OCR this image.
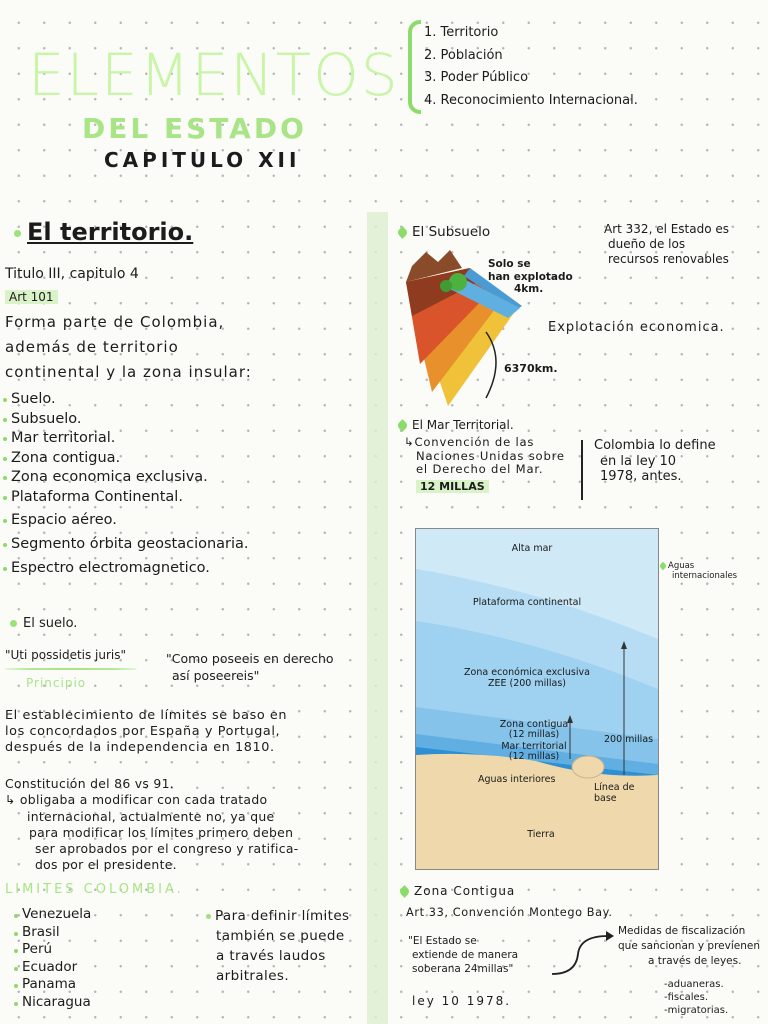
ELEMENTOS
DEL ESTADO
CAPITULO XII
1. Territorio
2. Población
3. Poder Público
4. Reconocimiento Internacional.
El territorio.
Titulo III, capitulo 4
Art 101
Forma parte de Colombia,
además de territorio
continental y la zona insular:
Suelo.
Subsuelo.
Mar territorial.
Zona contigua.
Zona economica exclusiva.
Plataforma Continental.
Espacio aéreo.
Segmento órbita geostacionaria.
Espectro electromagnetico.
El suelo.
"Uti possidetis juris"
Principio
"Como poseeis en derecho
así poseereis"
El establecimiento de límites se baso en
los concordados por España y Portugal,
después de la independencia en 1810.
Constitución del 86 vs 91.
↳ obligaba a modificar con cada tratado
internacional, actualmente no, ya que
para modificar los límites primero deben
ser aprobados por el congreso y ratifica-
dos por el presidente.
LIMITES COLOMBIA.
Venezuela
Brasil
Perú
Ecuador
Panama
Nicaragua
Para definir límites
también se puede
a través laudos
arbitrales.
El Subsuelo	Art 332, el Estado es
dueño de los
recursos renovables
Solo se
han explotado
4km.
Explotación economica.
6370km.
El Mar Territorial.
↳Convención de las
Naciones Unidas sobre
el Derecho del Mar.
12 MILLAS
Colombia lo define
en la ley 10
1978, antes.
Alta mar
Plataforma continental
Zona económica exclusiva
ZEE (200 millas)
Zona contigua
(12 millas)
Mar territorial
(12 millas)
200 millas
Aguas interiores
Línea de base
Tierra
Aguas
internacionales
Zona Contigua
Art 33, Convención Montego Bay.
"El Estado se
extiende de manera
soberana 24millas"
ley 10 1978.
Medidas de fiscalización
que sancionan y previenen
a través de leyes.
-aduaneras.
-fiscales.
-migratorias.
